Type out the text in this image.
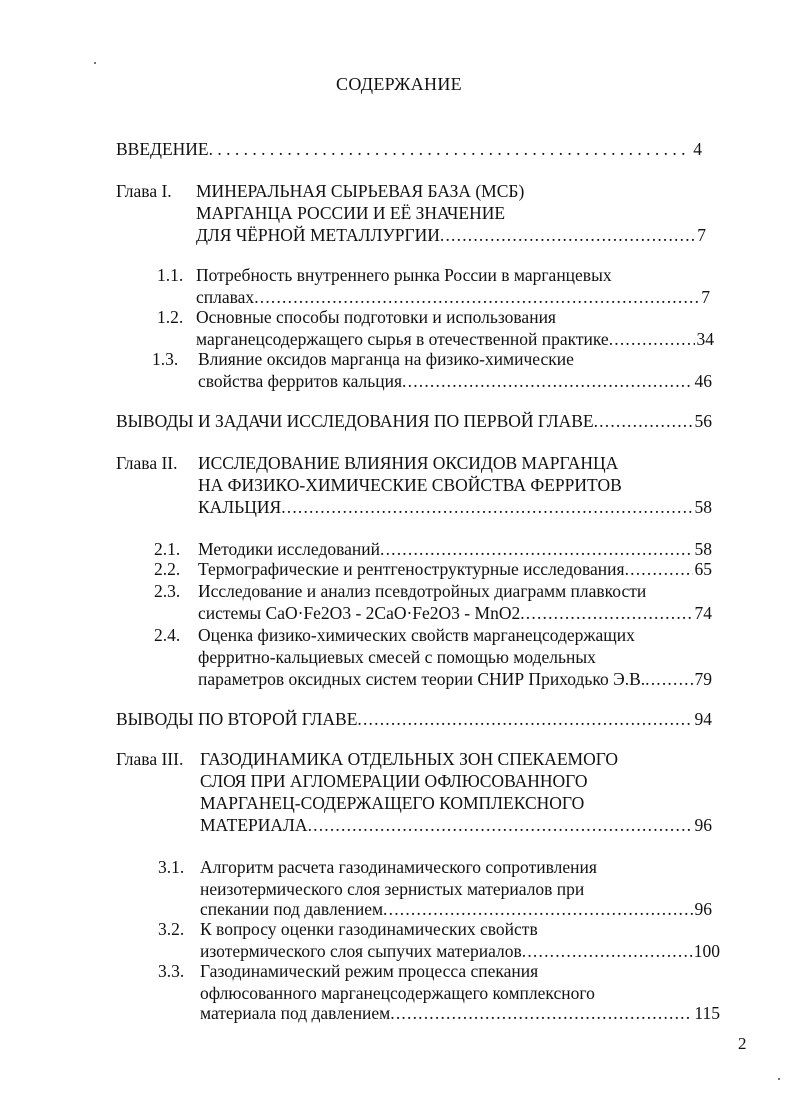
СОДЕРЖАНИЕ
ВВЕДЕНИЕ . . .	4
Глава I. МИНЕРАЛЬНАЯ СЫРЬЕВАЯ БАЗА (МСБ)
МАРГАНЦА РОССИИ И ЕЁ ЗНАЧЕНИЕ
ДЛЯ ЧЁРНОЙ МЕТАЛЛУРГИИ .....	7
1.1. Потребность внутреннего рынка России в марганцевых
сплавах .....	7
1.2. Основные способы подготовки и использования
марганецсодержащего сырья в отечественной практике .....	34
1.3. Влияние оксидов марганца на физико-химические
свойства ферритов кальция .....	46
ВЫВОДЫ И ЗАДАЧИ ИССЛЕДОВАНИЯ ПО ПЕРВОЙ ГЛАВЕ .....	56
Глава II. ИССЛЕДОВАНИЕ ВЛИЯНИЯ ОКСИДОВ МАРГАНЦА
НА ФИЗИКО-ХИМИЧЕСКИЕ СВОЙСТВА ФЕРРИТОВ
КАЛЬЦИЯ .....	58
2.1. Методики исследований .....	58
2.2. Термографические и рентгеноструктурные исследования .....	65
2.3. Исследование и анализ псевдотройных диаграмм плавкости
системы CaO·Fe2O3 - 2CaO·Fe2O3 - MnO2 .....	74
2.4. Оценка физико-химических свойств марганецсодержащих
ферритно-кальциевых смесей с помощью модельных
параметров оксидных систем теории СНИР Приходько Э.В. .....	79
ВЫВОДЫ ПО ВТОРОЙ ГЛАВЕ .....	94
Глава III. ГАЗОДИНАМИКА ОТДЕЛЬНЫХ ЗОН СПЕКАЕМОГО
СЛОЯ ПРИ АГЛОМЕРАЦИИ ОФЛЮСОВАННОГО
МАРГАНЕЦ-СОДЕРЖАЩЕГО КОМПЛЕКСНОГО
МАТЕРИАЛА .....	96
3.1. Алгоритм расчета газодинамического сопротивления
неизотермического слоя зернистых материалов при
спекании под давлением .....	96
3.2. К вопросу оценки газодинамических свойств
изотермического слоя сыпучих материалов .....	100
3.3. Газодинамический режим процесса спекания
офлюсованного марганецсодержащего комплексного
материала под давлением .....	115
2
